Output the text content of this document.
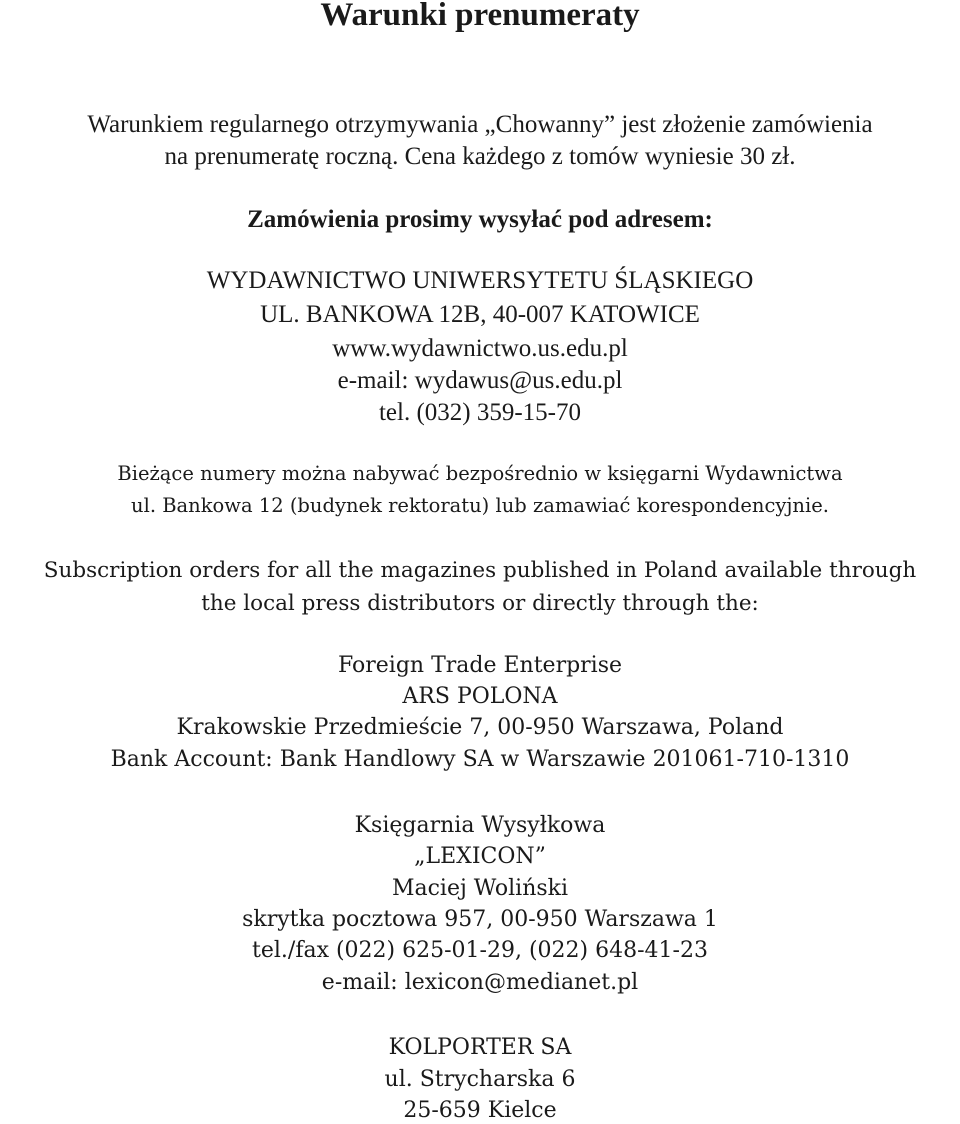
Warunki prenumeraty
Warunkiem regularnego otrzymywania „Chowanny” jest złożenie zamówienia
na prenumeratę roczną. Cena każdego z tomów wyniesie 30 zł.
Zamówienia prosimy wysyłać pod adresem:
WYDAWNICTWO UNIWERSYTETU ŚLĄSKIEGO
UL. BANKOWA 12B, 40-007 KATOWICE
www.wydawnictwo.us.edu.pl
e-mail: wydawus@us.edu.pl
tel. (032) 359-15-70
Bieżące numery można nabywać bezpośrednio w księgarni Wydawnictwa
ul. Bankowa 12 (budynek rektoratu) lub zamawiać korespondencyjnie.
Subscription orders for all the magazines published in Poland available through
the local press distributors or directly through the:
Foreign Trade Enterprise
ARS POLONA
Krakowskie Przedmieście 7, 00-950 Warszawa, Poland
Bank Account: Bank Handlowy SA w Warszawie 201061-710-1310
Księgarnia Wysyłkowa
„LEXICON”
Maciej Woliński
skrytka pocztowa 957, 00-950 Warszawa 1
tel./fax (022) 625-01-29, (022) 648-41-23
e-mail: lexicon@medianet.pl
KOLPORTER SA
ul. Strycharska 6
25-659 Kielce
